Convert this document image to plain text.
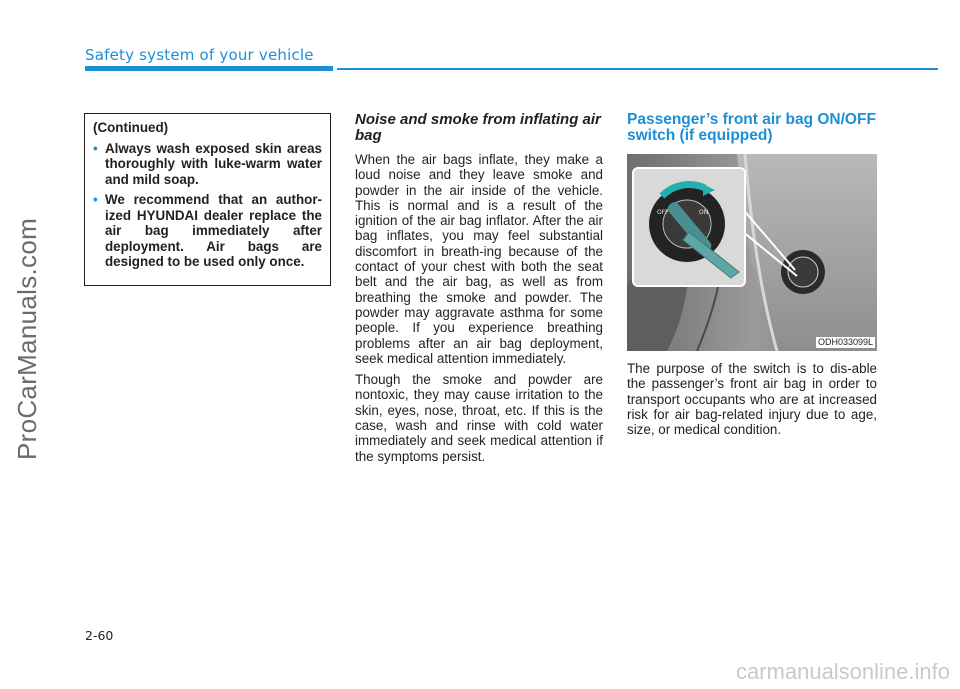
Safety system of your vehicle
ProCarManuals.com
(Continued)
• Always wash exposed skin areas thoroughly with luke-warm water and mild soap.
• We recommend that an author-ized HYUNDAI dealer replace the air bag immediately after deployment. Air bags are designed to be used only once.
Noise and smoke from inflating air bag

When the air bags inflate, they make a loud noise and they leave smoke and powder in the air inside of the vehicle. This is normal and is a result of the ignition of the air bag inflator. After the air bag inflates, you may feel substantial discomfort in breath-ing because of the contact of your chest with both the seat belt and the air bag, as well as from breathing the smoke and powder. The powder may aggravate asthma for some people. If you experience breathing problems after an air bag deployment, seek medical attention immediately.

Though the smoke and powder are nontoxic, they may cause irritation to the skin, eyes, nose, throat, etc. If this is the case, wash and rinse with cold water immediately and seek medical attention if the symptoms persist.

Passenger’s front air bag ON/OFF switch (if equipped)
OFF	ON
ODH033099L

The purpose of the switch is to dis-able the passenger’s front air bag in order to transport occupants who are at increased risk for air bag-related injury due to age, size, or medical condition.

2-60
carmanualsonline.info
